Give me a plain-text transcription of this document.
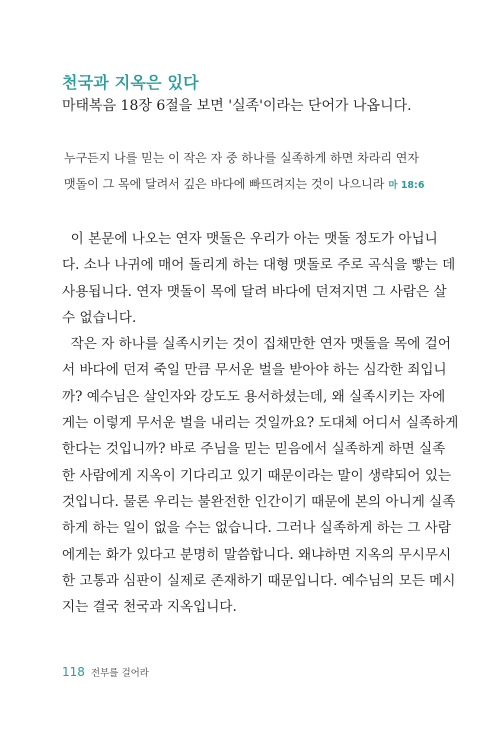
천국과 지옥은 있다
마태복음 18장 6절을 보면 '실족'이라는 단어가 나옵니다.
누구든지 나를 믿는 이 작은 자 중 하나를 실족하게 하면 차라리 연자
맷돌이 그 목에 달려서 깊은 바다에 빠뜨려지는 것이 나으니라 마 18:6
이 본문에 나오는 연자 맷돌은 우리가 아는 맷돌 정도가 아닙니
다. 소나 나귀에 매어 돌리게 하는 대형 맷돌로 주로 곡식을 빻는 데
사용됩니다. 연자 맷돌이 목에 달려 바다에 던져지면 그 사람은 살
수 없습니다.
작은 자 하나를 실족시키는 것이 집채만한 연자 맷돌을 목에 걸어
서 바다에 던져 죽일 만큼 무서운 벌을 받아야 하는 심각한 죄입니
까? 예수님은 살인자와 강도도 용서하셨는데, 왜 실족시키는 자에
게는 이렇게 무서운 벌을 내리는 것일까요? 도대체 어디서 실족하게
한다는 것입니까? 바로 주님을 믿는 믿음에서 실족하게 하면 실족
한 사람에게 지옥이 기다리고 있기 때문이라는 말이 생략되어 있는
것입니다. 물론 우리는 불완전한 인간이기 때문에 본의 아니게 실족
하게 하는 일이 없을 수는 없습니다. 그러나 실족하게 하는 그 사람
에게는 화가 있다고 분명히 말씀합니다. 왜냐하면 지옥의 무시무시
한 고통과 심판이 실제로 존재하기 때문입니다. 예수님의 모든 메시
지는 결국 천국과 지옥입니다.
118 전부를 걸어라
